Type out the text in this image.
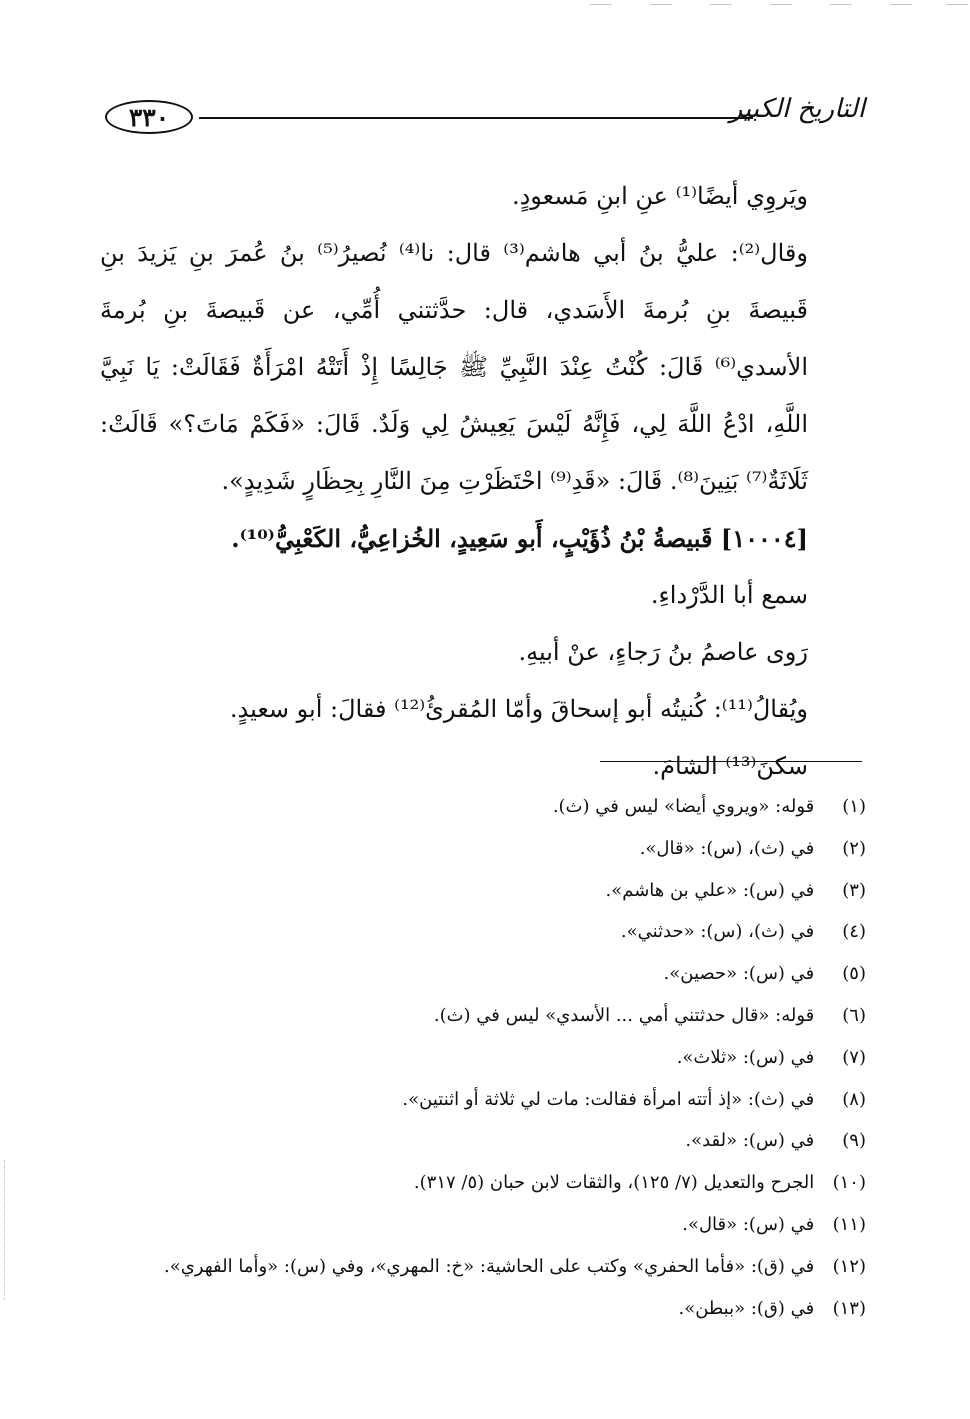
٣٣٠	التاريخ الكبير

ويَروِي أيضًا⁽¹⁾ عنِ ابنِ مَسعودٍ.

وقال⁽²⁾: عليُّ بنُ أبي هاشم⁽³⁾ قال: نا⁽⁴⁾ نُصيرُ⁽⁵⁾ بنُ عُمرَ بنِ يَزيدَ بنِ قَبيصةَ بنِ بُرمةَ الأَسَدي، قال: حدَّثتني أُمِّي، عن قَبيصةَ بنِ بُرمةَ الأسدي⁽⁶⁾ قَالَ: كُنْتُ عِنْدَ النَّبِيِّ ﷺ جَالِسًا إِذْ أَتَتْهُ امْرَأَةٌ فَقَالَتْ: يَا نَبِيَّ اللَّهِ، ادْعُ اللَّهَ لِي، فَإِنَّهُ لَيْسَ يَعِيشُ لِي وَلَدٌ. قَالَ: «فَكَمْ مَاتَ؟» قَالَتْ: ثَلَاثَةٌ⁽⁷⁾ بَنِينَ⁽⁸⁾. قَالَ: «قَدِ⁽⁹⁾ احْتَظَرْتِ مِنَ النَّارِ بِحِظَارٍ شَدِيدٍ».

[١٠٠٠٤] قَبيصةُ بْنُ ذُؤَيْبٍ، أَبو سَعِيدٍ، الخُزاعِيُّ، الكَعْبِيُّ⁽¹⁰⁾.

سمع أبا الدَّرْداءِ.

رَوى عاصمُ بنُ رَجاءٍ، عنْ أبيهِ.

ويُقالُ⁽¹¹⁾: كُنيتُه أبو إسحاقَ وأمّا المُقرئُ⁽¹²⁾ فقالَ: أبو سعيدٍ.

سكنَ⁽¹³⁾ الشامَ.

(١) قوله: «ويروي أيضا» ليس في (ث).

(٢) في (ث)، (س): «قال».

(٣) في (س): «علي بن هاشم».

(٤) في (ث)، (س): «حدثني».

(٥) في (س): «حصين».

(٦) قوله: «قال حدثتني أمي ... الأسدي» ليس في (ث).

(٧) في (س): «ثلاث».

(٨) في (ث): «إذ أتته امرأة فقالت: مات لي ثلاثة أو اثنتين».

(٩) في (س): «لقد».

(١٠) الجرح والتعديل (٧/ ١٢٥)، والثقات لابن حبان (٥/ ٣١٧).

(١١) في (س): «قال».

(١٢) في (ق): «فأما الحفري» وكتب على الحاشية: «خ: المهري»، وفي (س): «وأما الفهري».

(١٣) في (ق): «ببطن».
